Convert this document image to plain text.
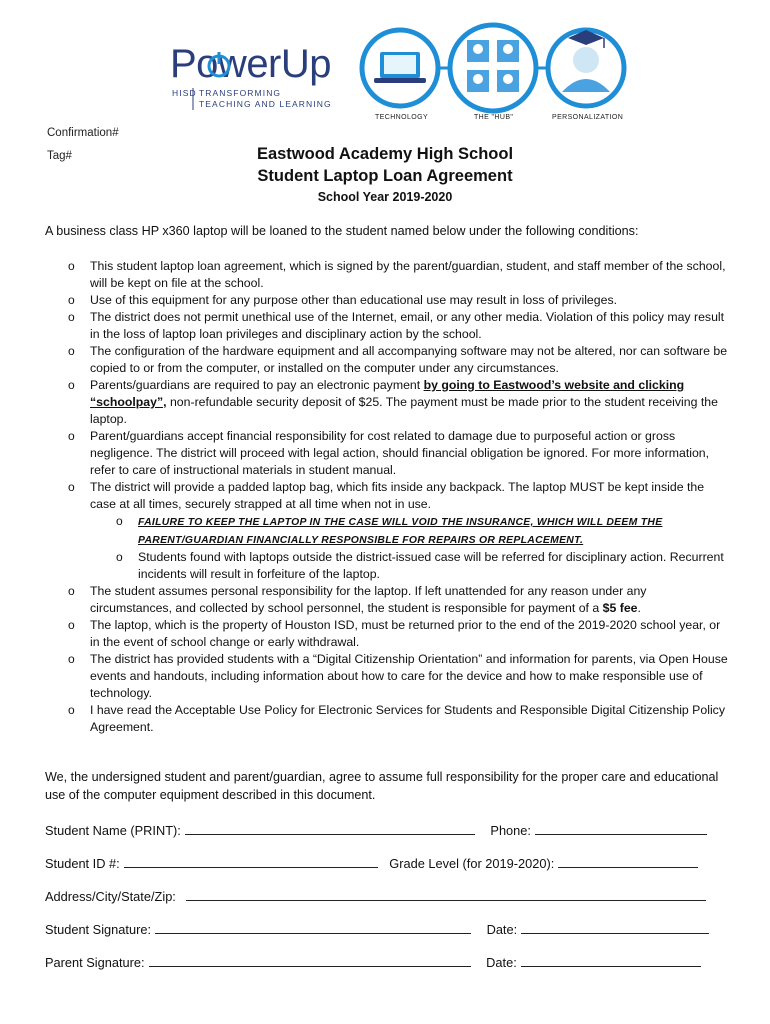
PowerUp
HISD TRANSFORMING
TEACHING AND LEARNING
TECHNOLOGY	THE "HUB"	PERSONALIZATION
Confirmation#
Tag#	Eastwood Academy High School
Student Laptop Loan Agreement
School Year 2019-2020
A business class HP x360 laptop will be loaned to the student named below under the following conditions:
o This student laptop loan agreement, which is signed by the parent/guardian, student, and staff member of the school, will be kept on file at the school.
o Use of this equipment for any purpose other than educational use may result in loss of privileges.
o The district does not permit unethical use of the Internet, email, or any other media. Violation of this policy may result in the loss of laptop loan privileges and disciplinary action by the school.
o The configuration of the hardware equipment and all accompanying software may not be altered, nor can software be copied to or from the computer, or installed on the computer under any circumstances.
o Parents/guardians are required to pay an electronic payment by going to Eastwood’s website and clicking “schoolpay”, non-refundable security deposit of $25. The payment must be made prior to the student receiving the laptop.
o Parent/guardians accept financial responsibility for cost related to damage due to purposeful action or gross negligence. The district will proceed with legal action, should financial obligation be ignored. For more information, refer to care of instructional materials in student manual.
o The district will provide a padded laptop bag, which fits inside any backpack. The laptop MUST be kept inside the case at all times, securely strapped at all time when not in use.
o FAILURE TO KEEP THE LAPTOP IN THE CASE WILL VOID THE INSURANCE, WHICH WILL DEEM THE PARENT/GUARDIAN FINANCIALLY RESPONSIBLE FOR REPAIRS OR REPLACEMENT.
o Students found with laptops outside the district-issued case will be referred for disciplinary action. Recurrent incidents will result in forfeiture of the laptop.
o The student assumes personal responsibility for the laptop. If left unattended for any reason under any circumstances, and collected by school personnel, the student is responsible for payment of a $5 fee.
o The laptop, which is the property of Houston ISD, must be returned prior to the end of the 2019-2020 school year, or in the event of school change or early withdrawal.
o The district has provided students with a “Digital Citizenship Orientation” and information for parents, via Open House events and handouts, including information about how to care for the device and how to make responsible use of technology.
o I have read the Acceptable Use Policy for Electronic Services for Students and Responsible Digital Citizenship Policy Agreement.
We, the undersigned student and parent/guardian, agree to assume full responsibility for the proper care and educational use of the computer equipment described in this document.
Student Name (PRINT):	Phone:
Student ID #:	Grade Level (for 2019-2020):
Address/City/State/Zip:
Student Signature:	Date:
Parent Signature:	Date:
